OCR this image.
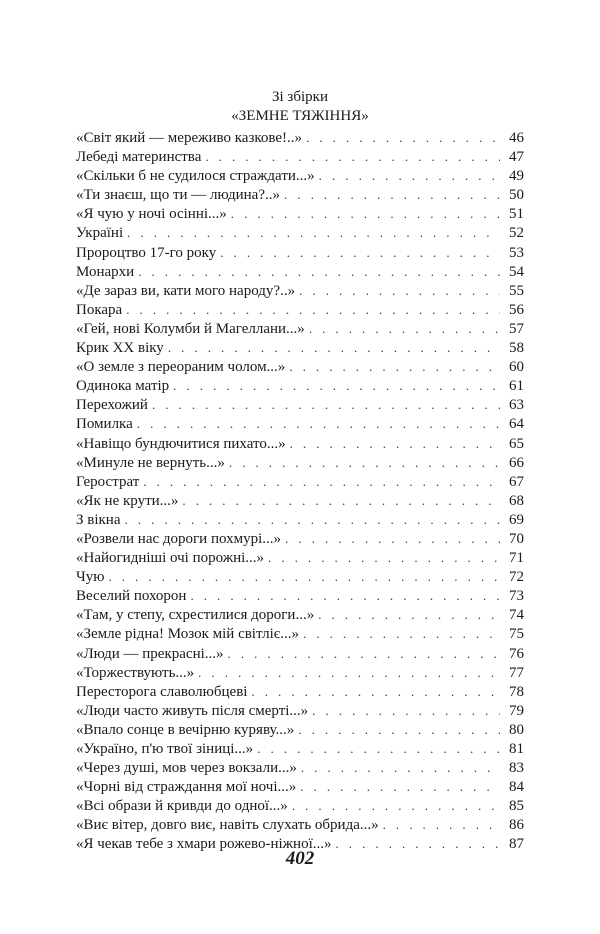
Зі збірки
«ЗЕМНЕ ТЯЖІННЯ»
«Світ який — мереживо казкове!..» . . .	46
Лебеді материнства . . .	47
«Скільки б не судилося страждати...» . . .	49
«Ти знаєш, що ти — людина?..» . . .	50
«Я чую у ночі осінні...» . . .	51
Україні . . .	52
Пророцтво 17-го року . . .	53
Монархи . . .	54
«Де зараз ви, кати мого народу?..» . . .	55
Покара . . .	56
«Гей, нові Колумби й Магеллани...» . . .	57
Крик XX віку . . .	58
«О земле з переораним чолом...» . . .	60
Одинока матір . . .	61
Перехожий . . .	63
Помилка . . .	64
«Навіщо бундючитися пихато...» . . .	65
«Минуле не вернуть...» . . .	66
Герострат . . .	67
«Як не крути...» . . .	68
З вікна . . .	69
«Розвели нас дороги похмурі...» . . .	70
«Найогидніші очі порожні...» . . .	71
Чую . . .	72
Веселий похорон . . .	73
«Там, у степу, схрестилися дороги...» . . .	74
«Земле рідна! Мозок мій світліє...» . . .	75
«Люди — прекрасні...» . . .	76
«Торжествують...» . . .	77
Пересторога славолюбцеві . . .	78
«Люди часто живуть після смерті...» . . .	79
«Впало сонце в вечірню куряву...» . . .	80
«Україно, п'ю твої зіниці...» . . .	81
«Через душі, мов через вокзали...» . . .	83
«Чорні від страждання мої ночі...» . . .	84
«Всі образи й кривди до одної...» . . .	85
«Виє вітер, довго виє, навіть слухать обрида...» . . .	86
«Я чекав тебе з хмари рожево-ніжної...» . . .	87
402
